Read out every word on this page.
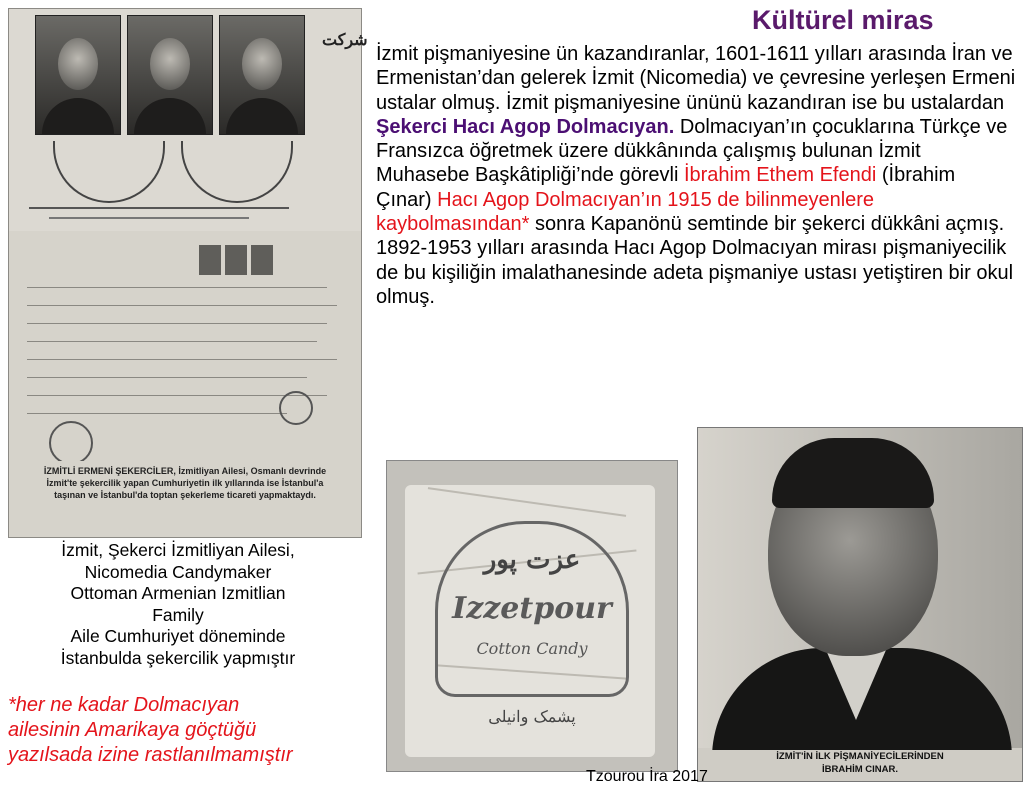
İZMİTLİ ERMENİ ŞEKERCİLER, İzmitliyan Ailesi, Osmanlı devrinde İzmit'te şekercilik yapan Cumhuriyetin ilk yıllarında ise İstanbul'a taşınan ve İstanbul'da toptan şekerleme ticareti yapmaktaydı.
شركت
Kültürel miras
İzmit pişmaniyesine ün kazandıranlar, 1601-1611 yılları arasında İran ve Ermenistan’dan gelerek İzmit (Nicomedia) ve çevresine yerleşen Ermeni ustalar olmuş. İzmit pişmaniyesine ününü kazandıran ise bu ustalardan Şekerci Hacı Agop Dolmacıyan. Dolmacıyan’ın çocuklarına Türkçe ve Fransızca öğretmek üzere dükkânında çalışmış bulunan İzmit Muhasebe Başkâtipliği’nde görevli İbrahim Ethem Efendi (İbrahim Çınar) Hacı Agop Dolmacıyan’ın 1915 de bilinmeyenlere kaybolmasından* sonra Kapanönü semtinde bir şekerci dükkâni açmış. 1892-1953 yılları arasında Hacı Agop Dolmacıyan mirası pişmaniyecilik de bu kişiliğin imalathanesinde adeta pişmaniye ustası yetiştiren bir okul olmuş.
İzmit, Şekerci İzmitliyan Ailesi,
Nicomedia Candymaker
Ottoman Armenian Izmitlian
Family
Aile Cumhuriyet döneminde
İstanbulda şekercilik yapmıştır
*her ne kadar Dolmacıyan
ailesinin Amarikaya göçtüğü
yazılsada izine rastlanılmamıştır
عزت پور
Izzetpour
Cotton Candy
پشمک وانیلی
İZMİT'İN İLK PİŞMANİYECİLERİNDEN
İBRAHİM CINAR.
Tzourou İra 2017
